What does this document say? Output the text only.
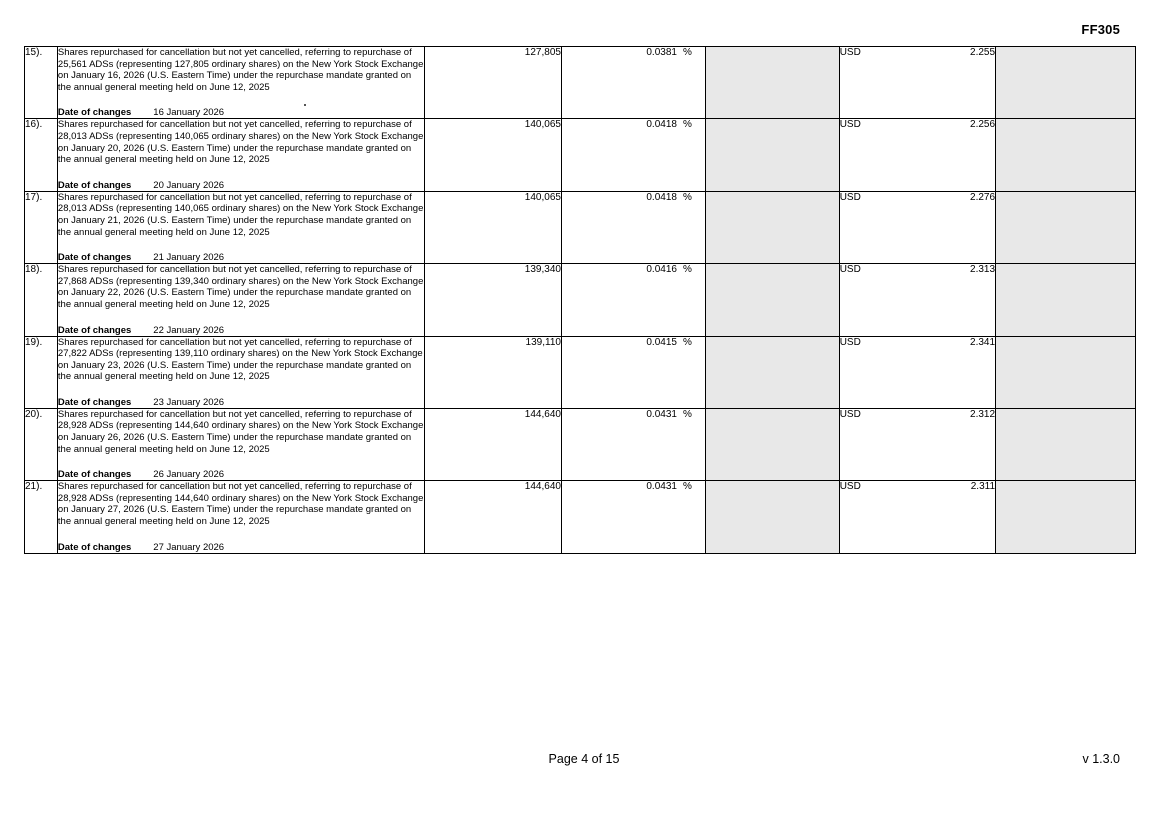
FF305
15).	Shares repurchased for cancellation but not yet cancelled, referring to repurchase of 25,561 ADSs (representing 127,805 ordinary shares) on the New York Stock Exchange on January 16, 2026 (U.S. Eastern Time) under the repurchase mandate granted on the annual general meeting held on June 12, 2025
Date of changes 16 January 2026
	127,805	0.0381 %		USD	2.255

16).	Shares repurchased for cancellation but not yet cancelled, referring to repurchase of 28,013 ADSs (representing 140,065 ordinary shares) on the New York Stock Exchange on January 20, 2026 (U.S. Eastern Time) under the repurchase mandate granted on the annual general meeting held on June 12, 2025
Date of changes 20 January 2026
	140,065	0.0418 %		USD	2.256

17).	Shares repurchased for cancellation but not yet cancelled, referring to repurchase of 28,013 ADSs (representing 140,065 ordinary shares) on the New York Stock Exchange on January 21, 2026 (U.S. Eastern Time) under the repurchase mandate granted on the annual general meeting held on June 12, 2025
Date of changes 21 January 2026
	140,065	0.0418 %		USD	2.276

18).	Shares repurchased for cancellation but not yet cancelled, referring to repurchase of 27,868 ADSs (representing 139,340 ordinary shares) on the New York Stock Exchange on January 22, 2026 (U.S. Eastern Time) under the repurchase mandate granted on the annual general meeting held on June 12, 2025
Date of changes 22 January 2026
	139,340	0.0416 %		USD	2.313

19).	Shares repurchased for cancellation but not yet cancelled, referring to repurchase of 27,822 ADSs (representing 139,110 ordinary shares) on the New York Stock Exchange on January 23, 2026 (U.S. Eastern Time) under the repurchase mandate granted on the annual general meeting held on June 12, 2025
Date of changes 23 January 2026
	139,110	0.0415 %		USD	2.341

20).	Shares repurchased for cancellation but not yet cancelled, referring to repurchase of 28,928 ADSs (representing 144,640 ordinary shares) on the New York Stock Exchange on January 26, 2026 (U.S. Eastern Time) under the repurchase mandate granted on the annual general meeting held on June 12, 2025
Date of changes 26 January 2026
	144,640	0.0431 %		USD	2.312

21).	Shares repurchased for cancellation but not yet cancelled, referring to repurchase of 28,928 ADSs (representing 144,640 ordinary shares) on the New York Stock Exchange on January 27, 2026 (U.S. Eastern Time) under the repurchase mandate granted on the annual general meeting held on June 12, 2025
Date of changes 27 January 2026
	144,640	0.0431 %		USD	2.311

Page 4 of 15	v 1.3.0
